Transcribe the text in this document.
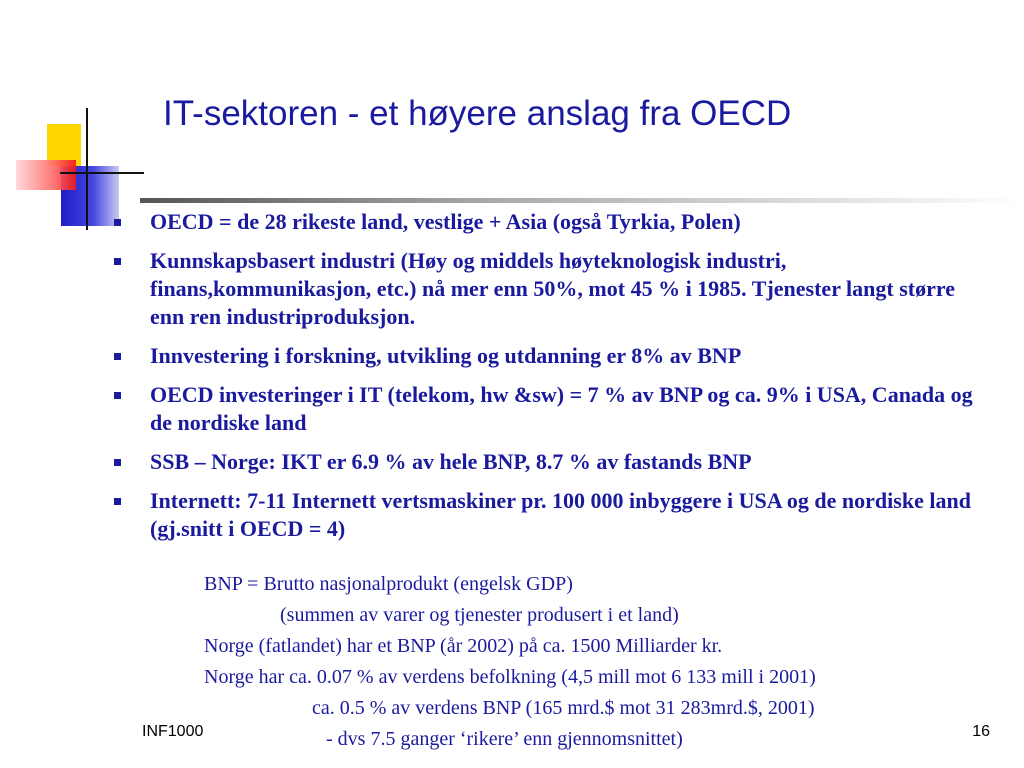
IT-sektoren - et høyere anslag fra OECD
OECD = de 28 rikeste land, vestlige + Asia (også Tyrkia, Polen)
Kunnskapsbasert industri (Høy og middels høyteknologisk industri, finans,kommunikasjon, etc.) nå mer enn 50%, mot 45 % i 1985. Tjenester langt større enn ren industriproduksjon.
Innvestering i forskning, utvikling og utdanning er 8% av BNP
OECD investeringer i IT (telekom, hw &sw) = 7 % av BNP og ca. 9% i USA, Canada og de nordiske land
SSB – Norge: IKT er 6.9 % av hele BNP, 8.7 % av fastands BNP
Internett: 7-11 Internett vertsmaskiner pr. 100 000 inbyggere i USA og de nordiske land (gj.snitt i OECD = 4)
BNP = Brutto nasjonalprodukt (engelsk GDP)
(summen av varer og tjenester produsert i et land)
Norge (fatlandet) har et BNP (år 2002) på ca. 1500 Milliarder kr.
Norge har ca. 0.07 % av verdens befolkning (4,5 mill mot 6 133 mill i 2001)
ca. 0.5 % av verdens BNP (165 mrd.$ mot 31 283mrd.$, 2001)
- dvs 7.5 ganger ‘rikere’ enn gjennomsnittet)
INF1000	16
